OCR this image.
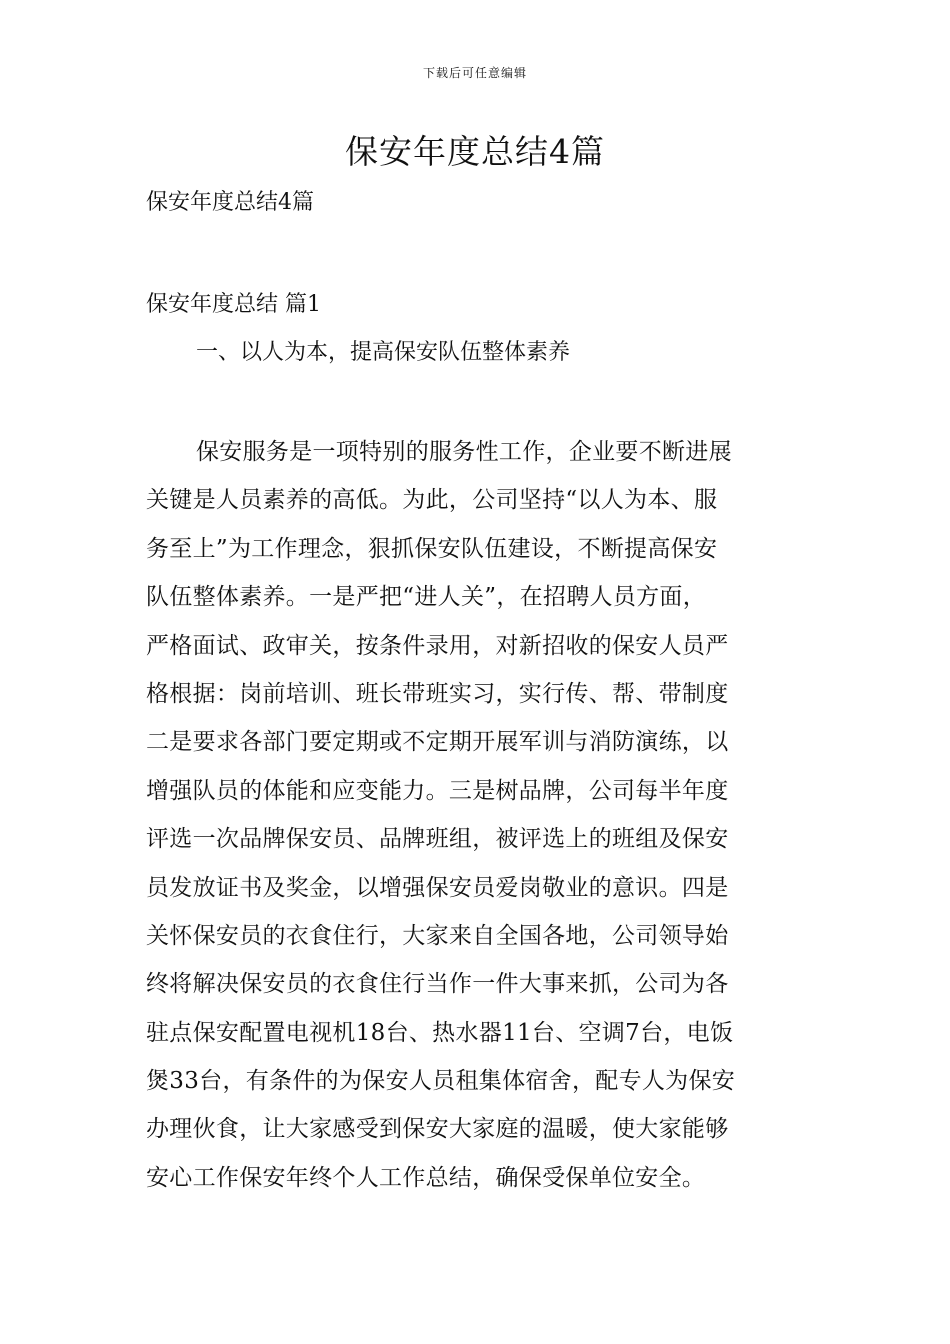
下载后可任意编辑
保安年度总结4篇
保安年度总结4篇
保安年度总结 篇1
一、以人为本，提高保安队伍整体素养
保安服务是一项特别的服务性工作，企业要不断进展
关键是人员素养的高低。为此，公司坚持“以人为本、服
务至上”为工作理念，狠抓保安队伍建设，不断提高保安
队伍整体素养。一是严把“进人关”，在招聘人员方面，
严格面试、政审关，按条件录用，对新招收的保安人员严
格根据：岗前培训、班长带班实习，实行传、帮、带制度
二是要求各部门要定期或不定期开展军训与消防演练，以
增强队员的体能和应变能力。三是树品牌，公司每半年度
评选一次品牌保安员、品牌班组，被评选上的班组及保安
员发放证书及奖金，以增强保安员爱岗敬业的意识。四是
关怀保安员的衣食住行，大家来自全国各地，公司领导始
终将解决保安员的衣食住行当作一件大事来抓，公司为各
驻点保安配置电视机18台、热水器11台、空调7台，电饭
煲33台，有条件的为保安人员租集体宿舍，配专人为保安
办理伙食，让大家感受到保安大家庭的温暖，使大家能够
安心工作保安年终个人工作总结，确保受保单位安全。
